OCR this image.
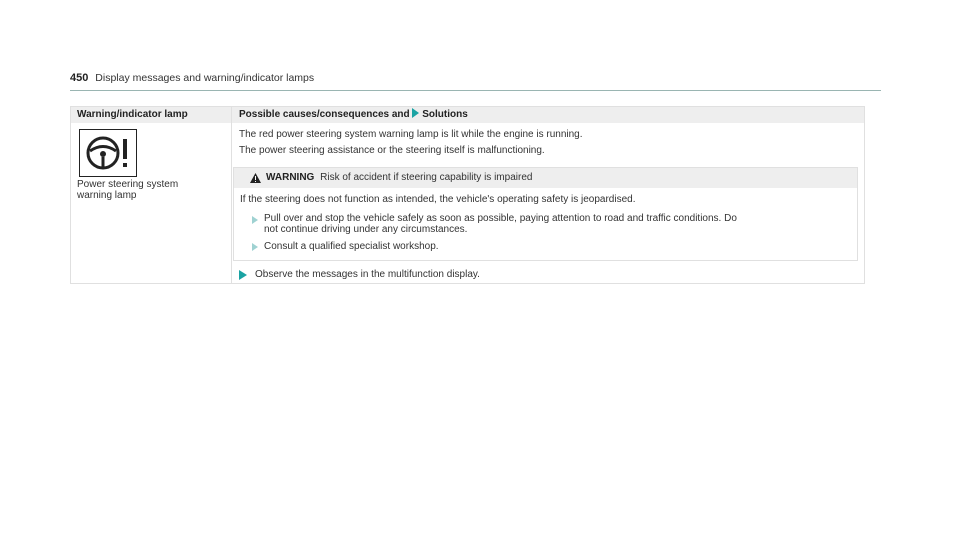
450 Display messages and warning/indicator lamps
Warning/indicator lamp	Possible causes/consequences and Solutions
Power steering system
warning lamp
The red power steering system warning lamp is lit while the engine is running.
The power steering assistance or the steering itself is malfunctioning.
WARNING Risk of accident if steering capability is impaired
If the steering does not function as intended, the vehicle's operating safety is jeopardised.
Pull over and stop the vehicle safely as soon as possible, paying attention to road and traffic conditions. Do
not continue driving under any circumstances.
Consult a qualified specialist workshop.
Observe the messages in the multifunction display.
